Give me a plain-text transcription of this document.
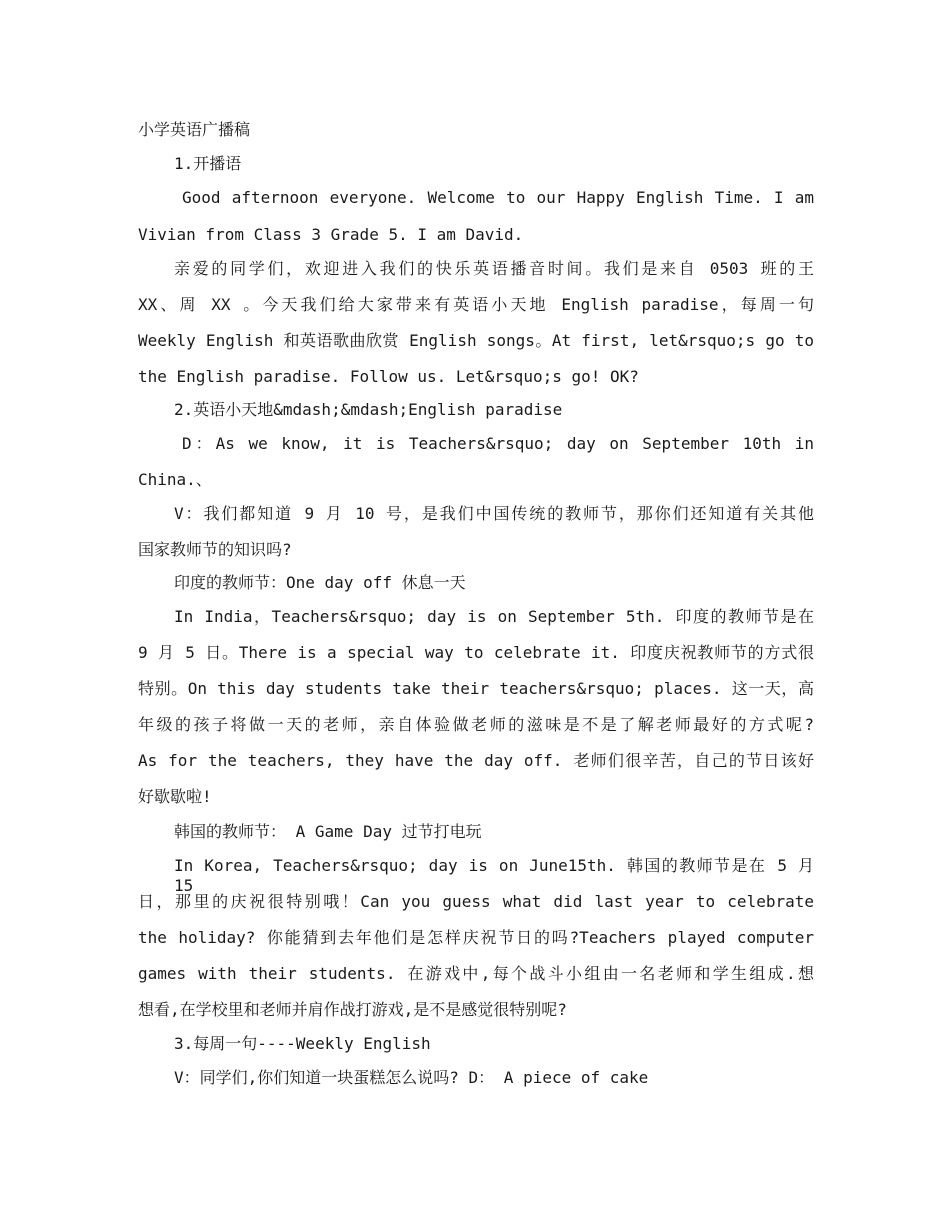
小学英语广播稿
1.开播语
Good afternoon everyone. Welcome to our Happy English Time. I am
Vivian from Class 3 Grade 5. I am David.
亲爱的同学们，欢迎进入我们的快乐英语播音时间。我们是来自 0503 班的王
XX、周 XX 。今天我们给大家带来有英语小天地 English paradise，每周一句
Weekly English 和英语歌曲欣赏 English songs。At first, let&rsquo;s go to
the English paradise. Follow us. Let&rsquo;s go! OK?
2.英语小天地&mdash;&mdash;English paradise
D：As we know, it is Teachers&rsquo; day on September 10th in
China.、
V：我们都知道 9 月 10 号，是我们中国传统的教师节，那你们还知道有关其他
国家教师节的知识吗?
印度的教师节：One day off 休息一天
In India，Teachers&rsquo; day is on September 5th. 印度的教师节是在
9 月 5 日。There is a special way to celebrate it. 印度庆祝教师节的方式很
特别。On this day students take their teachers&rsquo; places. 这一天，高
年级的孩子将做一天的老师，亲自体验做老师的滋味是不是了解老师最好的方式呢?
As for the teachers, they have the day off. 老师们很辛苦，自己的节日该好
好歇歇啦!
韩国的教师节： A Game Day 过节打电玩
In Korea, Teachers&rsquo; day is on June15th. 韩国的教师节是在 5 月 15
日，那里的庆祝很特别哦！Can you guess what did last year to celebrate
the holiday? 你能猜到去年他们是怎样庆祝节日的吗?Teachers played computer
games with their students. 在游戏中,每个战斗小组由一名老师和学生组成.想
想看,在学校里和老师并肩作战打游戏,是不是感觉很特别呢?
3.每周一句----Weekly English
V：同学们,你们知道一块蛋糕怎么说吗? D： A piece of cake
